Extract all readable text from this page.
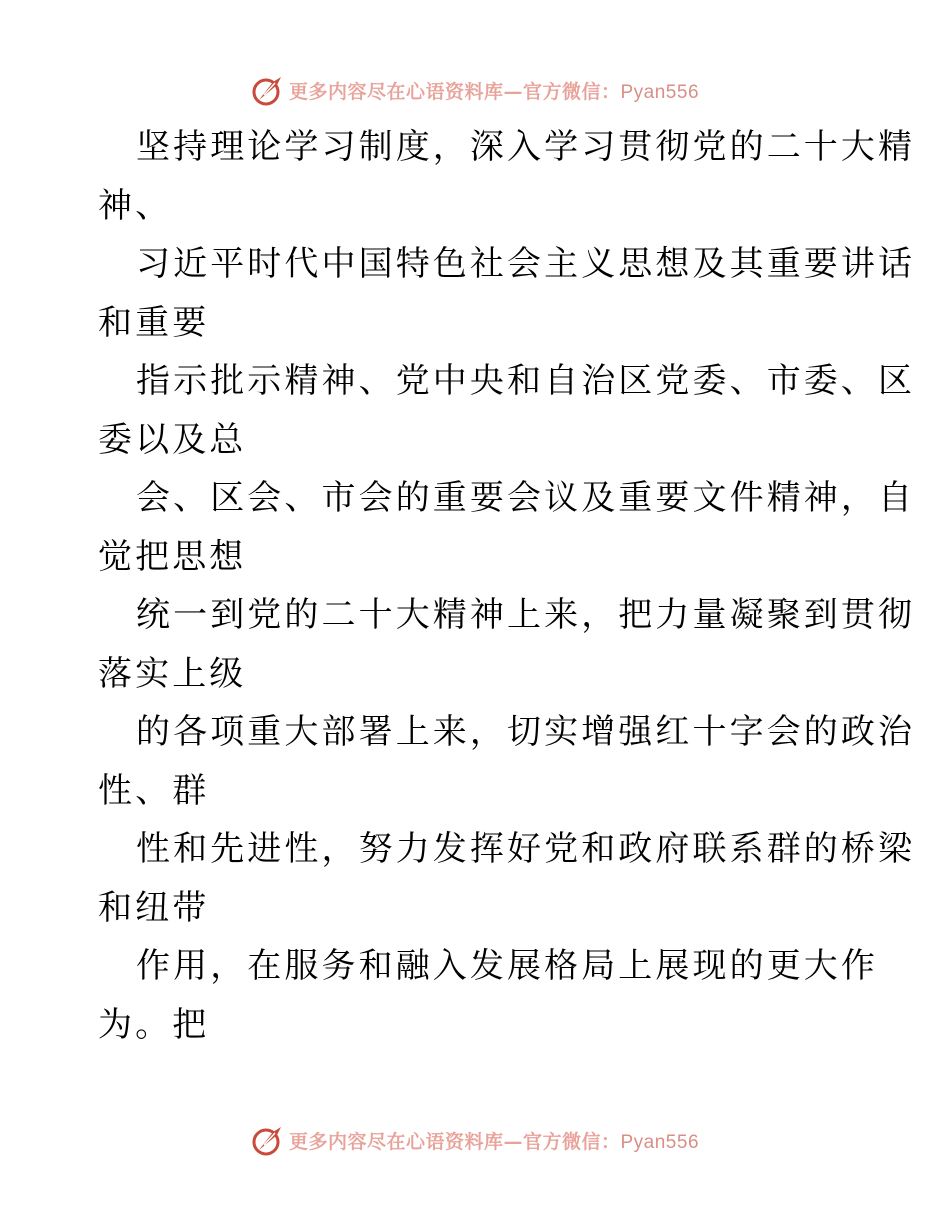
更多内容尽在心语资料库—官方微信：Pyan556
坚持理论学习制度，深入学习贯彻党的二十大精
神、
习近平时代中国特色社会主义思想及其重要讲话
和重要
指示批示精神、党中央和自治区党委、市委、区
委以及总
会、区会、市会的重要会议及重要文件精神，自
觉把思想
统一到党的二十大精神上来，把力量凝聚到贯彻
落实上级
的各项重大部署上来，切实增强红十字会的政治
性、群
性和先进性，努力发挥好党和政府联系群的桥梁
和纽带
作用，在服务和融入发展格局上展现的更大作
为。把
更多内容尽在心语资料库—官方微信：Pyan556
